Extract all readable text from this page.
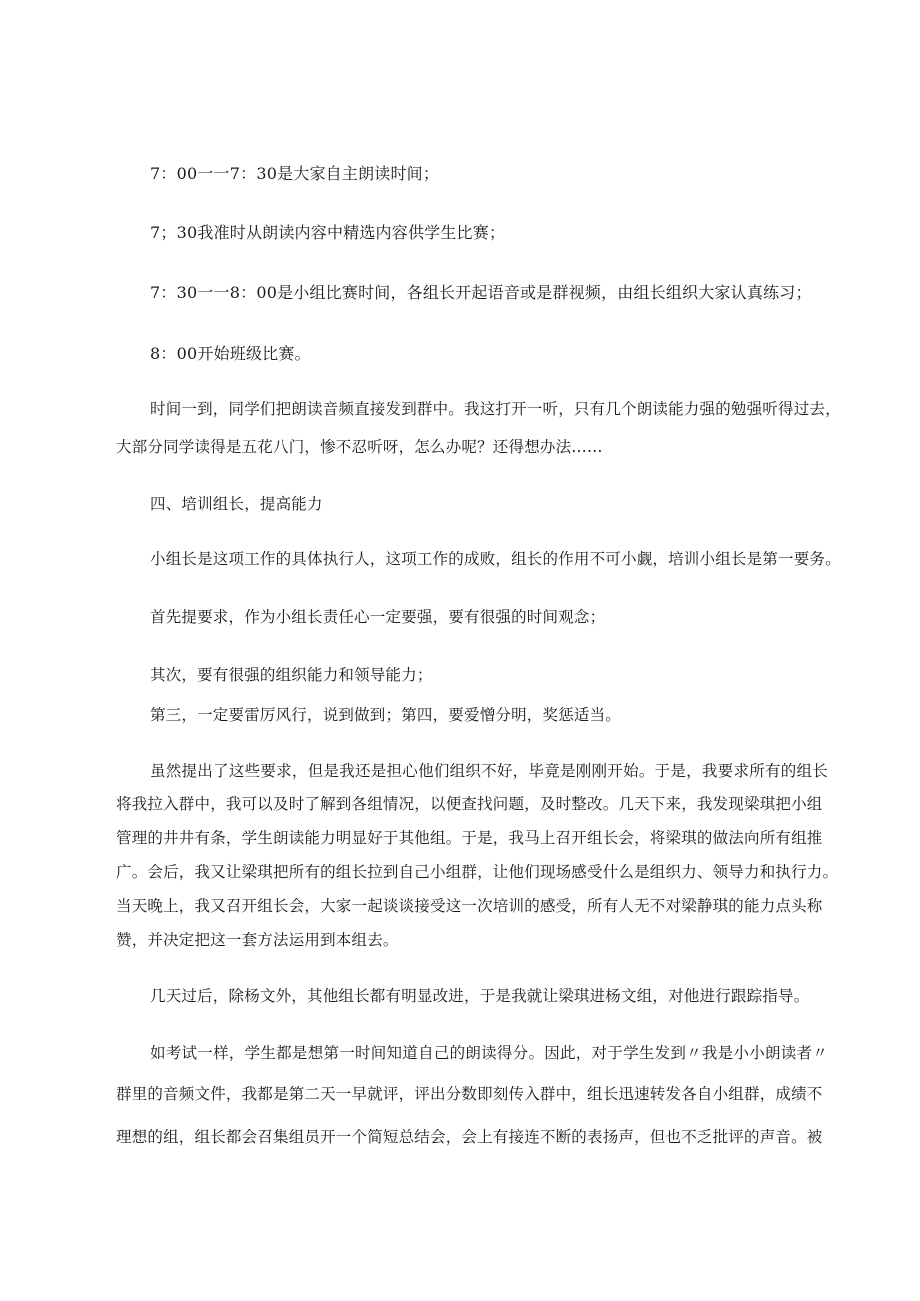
7：00一一7：30是大家自主朗读时间；
7；30我准时从朗读内容中精选内容供学生比赛；
7：30一一8：00是小组比赛时间，各组长开起语音或是群视频，由组长组织大家认真练习；
8：00开始班级比赛。
时间一到，同学们把朗读音频直接发到群中。我这打开一听，只有几个朗读能力强的勉强听得过去，
大部分同学读得是五花八门，惨不忍听呀，怎么办呢？还得想办法……
四、培训组长，提高能力
小组长是这项工作的具体执行人，这项工作的成败，组长的作用不可小觑，培训小组长是第一要务。
首先提要求，作为小组长责任心一定要强，要有很强的时间观念；
其次，要有很强的组织能力和领导能力；
第三，一定要雷厉风行，说到做到；第四，要爱憎分明，奖惩适当。
虽然提出了这些要求，但是我还是担心他们组织不好，毕竟是刚刚开始。于是，我要求所有的组长
将我拉入群中，我可以及时了解到各组情况，以便查找问题，及时整改。几天下来，我发现梁琪把小组
管理的井井有条，学生朗读能力明显好于其他组。于是，我马上召开组长会，将梁琪的做法向所有组推
广。会后，我又让梁琪把所有的组长拉到自己小组群，让他们现场感受什么是组织力、领导力和执行力。
当天晚上，我又召开组长会，大家一起谈谈接受这一次培训的感受，所有人无不对梁静琪的能力点头称
赞，并决定把这一套方法运用到本组去。
几天过后，除杨文外，其他组长都有明显改进，于是我就让梁琪进杨文组，对他进行跟踪指导。
如考试一样，学生都是想第一时间知道自己的朗读得分。因此，对于学生发到〃我是小小朗读者〃
群里的音频文件，我都是第二天一早就评，评出分数即刻传入群中，组长迅速转发各自小组群，成绩不
理想的组，组长都会召集组员开一个简短总结会，会上有接连不断的表扬声，但也不乏批评的声音。被
